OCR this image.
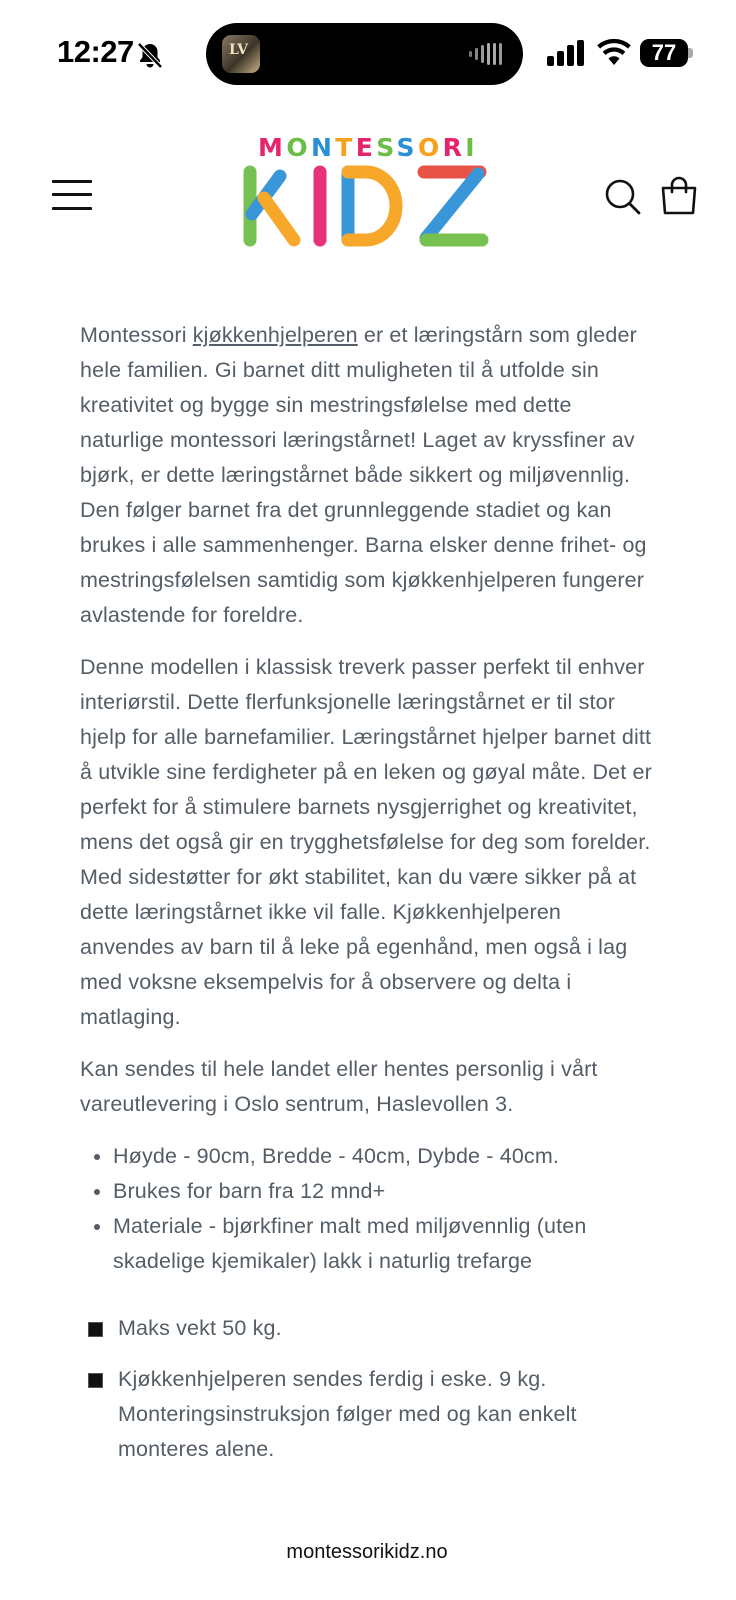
12:27	LV	77
MONTESSORI

Montessori kjøkkenhjelperen er et læringstårn som gleder hele familien. Gi barnet ditt muligheten til å utfolde sin kreativitet og bygge sin mestringsfølelse med dette naturlige montessori læringstårnet! Laget av kryssfiner av bjørk, er dette læringstårnet både sikkert og miljøvennlig. Den følger barnet fra det grunnleggende stadiet og kan brukes i alle sammenhenger. Barna elsker denne frihet- og mestringsfølelsen samtidig som kjøkkenhjelperen fungerer avlastende for foreldre.

Denne modellen i klassisk treverk passer perfekt til enhver interiørstil. Dette flerfunksjonelle læringstårnet er til stor hjelp for alle barnefamilier. Læringstårnet hjelper barnet ditt å utvikle sine ferdigheter på en leken og gøyal måte. Det er perfekt for å stimulere barnets nysgjerrighet og kreativitet, mens det også gir en trygghetsfølelse for deg som forelder. Med sidestøtter for økt stabilitet, kan du være sikker på at dette læringstårnet ikke vil falle. Kjøkkenhjelperen anvendes av barn til å leke på egenhånd, men også i lag med voksne eksempelvis for å observere og delta i matlaging.

Kan sendes til hele landet eller hentes personlig i vårt vareutlevering i Oslo sentrum, Haslevollen 3.

• Høyde - 90cm, Bredde - 40cm, Dybde - 40cm.
• Brukes for barn fra 12 mnd+
• Materiale - bjørkfiner malt med miljøvennlig (uten skadelige kjemikaler) lakk i naturlig trefarge
Maks vekt 50 kg.
Kjøkkenhjelperen sendes ferdig i eske. 9 kg. Monteringsinstruksjon følger med og kan enkelt monteres alene.
montessorikidz.no
